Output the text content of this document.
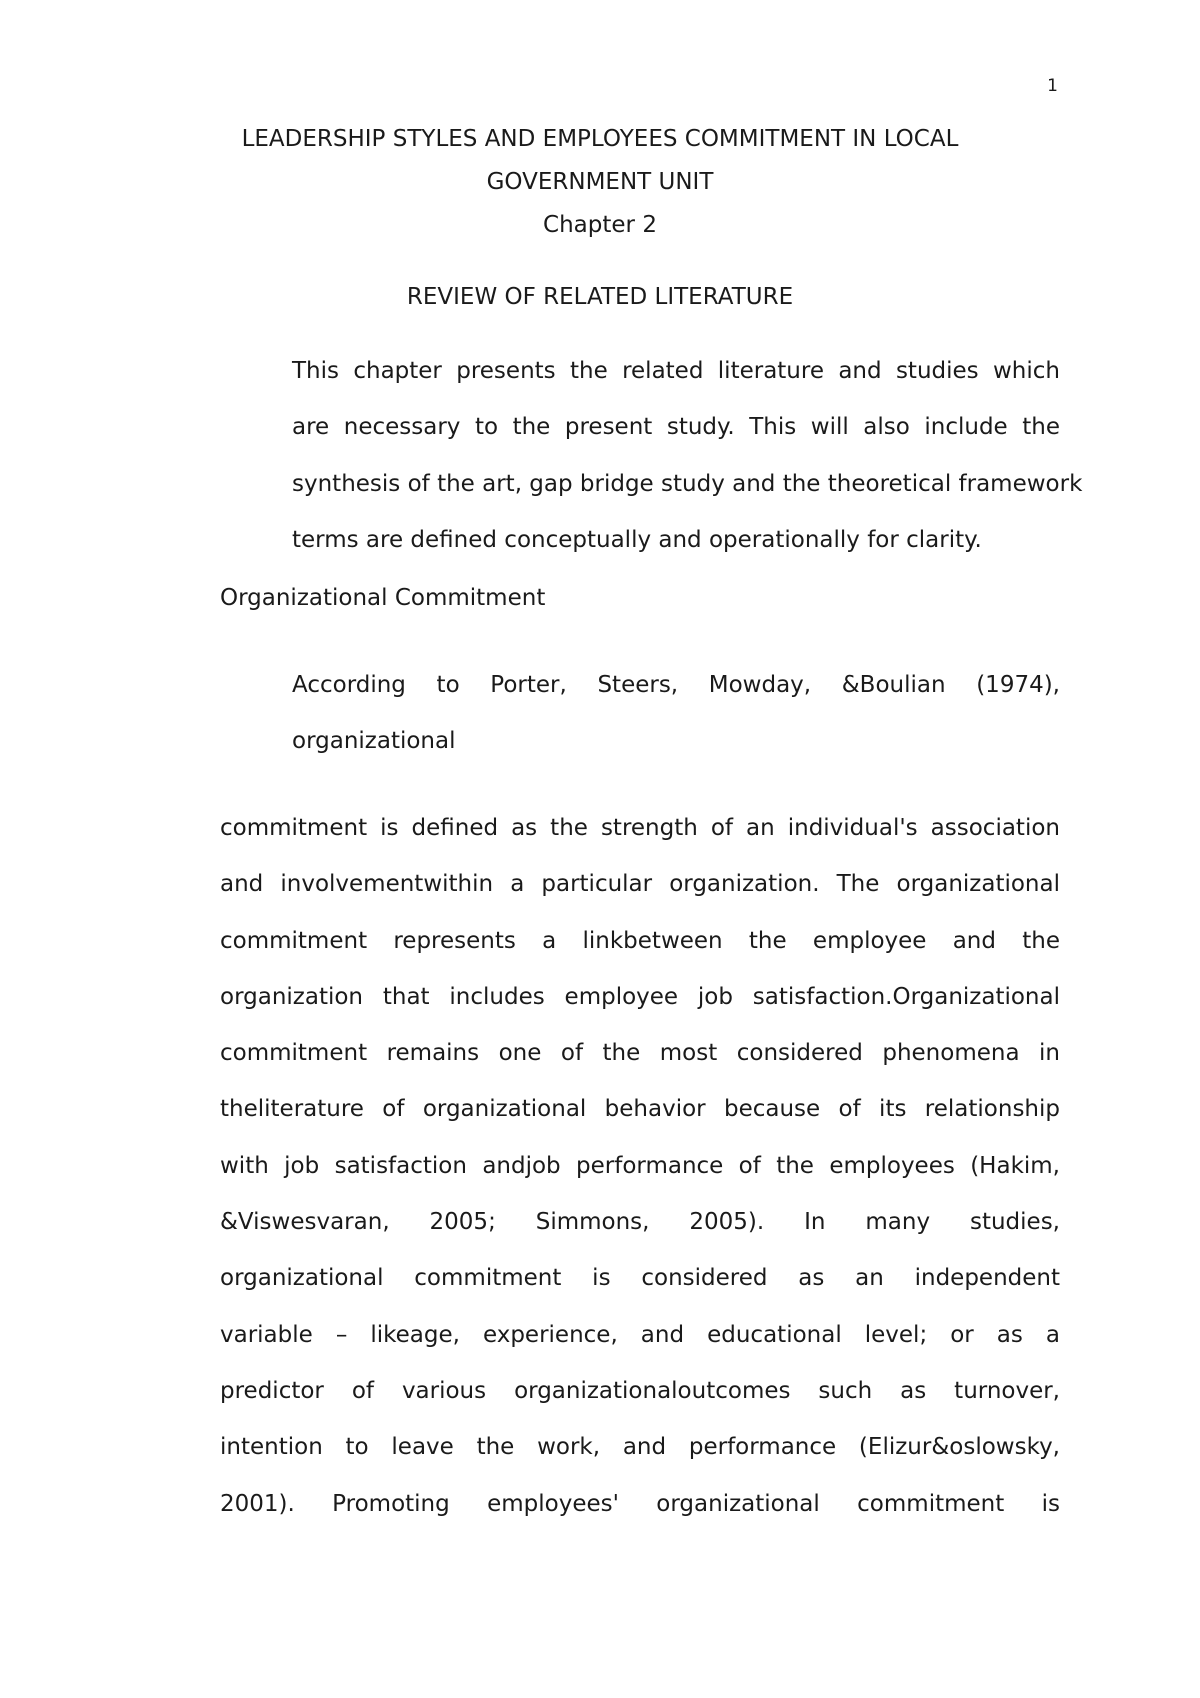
1
LEADERSHIP STYLES AND EMPLOYEES COMMITMENT IN LOCAL
GOVERNMENT UNIT
Chapter 2
REVIEW OF RELATED LITERATURE
This chapter presents the related literature and studies which
are necessary to the present study. This will also include the
synthesis of the art, gap bridge study and the theoretical framework
terms are defined conceptually and operationally for clarity.
Organizational Commitment
According to Porter, Steers, Mowday, &Boulian (1974),
organizational
commitment is defined as the strength of an individual's association
and involvementwithin a particular organization. The organizational
commitment represents a linkbetween the employee and the
organization that includes employee job satisfaction.Organizational
commitment remains one of the most considered phenomena in
theliterature of organizational behavior because of its relationship
with job satisfaction andjob performance of the employees (Hakim,
&Viswesvaran, 2005; Simmons, 2005). In many studies,
organizational commitment is considered as an independent
variable – likeage, experience, and educational level; or as a
predictor of various organizationaloutcomes such as turnover,
intention to leave the work, and performance (Elizur&oslowsky,
2001). Promoting employees' organizational commitment is
